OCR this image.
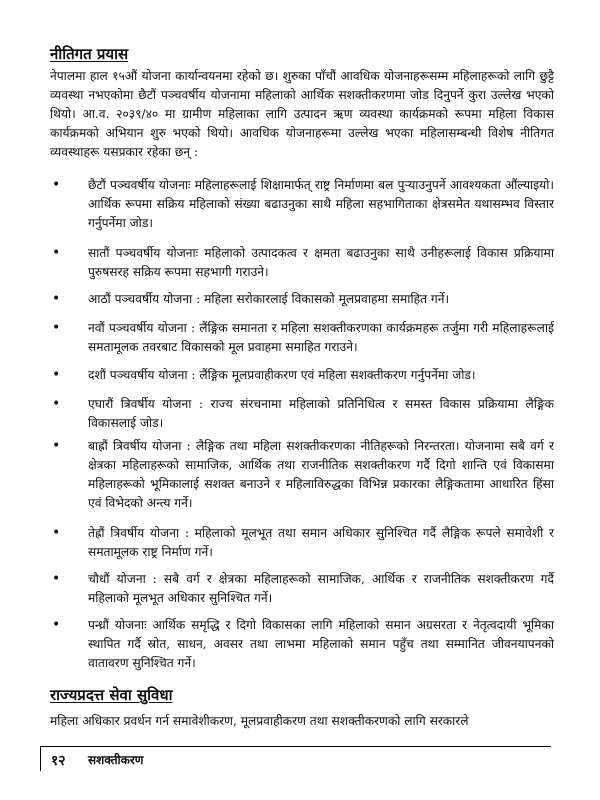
नीतिगत प्रयास

नेपालमा हाल १५औं योजना कार्यान्वयनमा रहेको छ। शुरुका पाँचौं आवधिक योजनाहरूसम्म महिलाहरूको लागि छुट्टै व्यवस्था नभएकोमा छैटौं पञ्चवर्षीय योजनामा महिलाको आर्थिक सशक्तीकरणमा जोड दिनुपर्ने कुरा उल्लेख भएको थियो। आ.व. २०३९/४० मा ग्रामीण महिलाका लागि उत्पादन ऋण व्यवस्था कार्यक्रमको रूपमा महिला विकास कार्यक्रमको अभियान शुरु भएको थियो। आवधिक योजनाहरूमा उल्लेख भएका महिलासम्बन्धी विशेष नीतिगत व्यवस्थाहरू यसप्रकार रहेका छन् :

•	छैटौं पञ्चवर्षीय योजनाः महिलाहरूलाई शिक्षामार्फत् राष्ट्र निर्माणमा बल पुर्‍याउनुपर्ने आवश्यकता औंल्याइयो। आर्थिक रूपमा सक्रिय महिलाको संख्या बढाउनुका साथै महिला सहभागिताका क्षेत्रसमेत यथासम्भव विस्तार गर्नुपर्नेमा जोड।

•	सातौं पञ्चवर्षीय योजनाः महिलाको उत्पादकत्व र क्षमता बढाउनुका साथै उनीहरूलाई विकास प्रक्रियामा पुरुषसरह सक्रिय रूपमा सहभागी गराउने।

•	आठौं पञ्चवर्षीय योजना : महिला सरोकारलाई विकासको मूलप्रवाहमा समाहित गर्ने।

•	नवौं पञ्चवर्षीय योजना : लैंङ्गिक समानता र महिला सशक्तीकरणका कार्यक्रमहरू तर्जुमा गरी महिलाहरूलाई समतामूलक तवरबाट विकासको मूल प्रवाहमा समाहित गराउने।

•	दशौं पञ्चवर्षीय योजना : लैंङ्गिक मूलप्रवाहीकरण एवं महिला सशक्तीकरण गर्नुपर्नेमा जोड।

•	एघारौं त्रिवर्षीय योजना : राज्य संरचनामा महिलाको प्रतिनिधित्व र समस्त विकास प्रक्रियामा लैङ्गिक विकासलाई जोड।

•	बाह्रौं त्रिवर्षीय योजना : लैङ्गिक तथा महिला सशक्तीकरणका नीतिहरूको निरन्तरता। योजनामा सबै वर्ग र क्षेत्रका महिलाहरूको सामाजिक, आर्थिक तथा राजनीतिक सशक्तीकरण गर्दै दिगो शान्ति एवं विकासमा महिलाहरूको भूमिकालाई सशक्त बनाउने र महिलाविरुद्धका विभिन्न प्रकारका लैङ्गिकतामा आधारित हिंसा एवं विभेदको अन्त्य गर्ने।

•	तेह्रौं त्रिवर्षीय योजना : महिलाको मूलभूत तथा समान अधिकार सुनिश्चित गर्दै लैङ्गिक रूपले समावेशी र समतामूलक राष्ट्र निर्माण गर्ने।

•	चौधौं योजना : सबै वर्ग र क्षेत्रका महिलाहरूको सामाजिक, आर्थिक र राजनीतिक सशक्तीकरण गर्दै महिलाको मूलभूत अधिकार सुनिश्चित गर्ने।

•	पन्ध्रौं योजनाः आर्थिक समृद्धि र दिगो विकासका लागि महिलाको समान अग्रसरता र नेतृत्वदायी भूमिका स्थापित गर्दै स्रोत, साधन, अवसर तथा लाभमा महिलाको समान पहुँच तथा सम्मानित जीवनयापनको वातावरण सुनिश्चित गर्ने।

राज्यप्रदत्त सेवा सुविधा

महिला अधिकार प्रवर्धन गर्न समावेशीकरण, मूलप्रवाहीकरण तथा सशक्तीकरणको लागि सरकारले

१२ सशक्तीकरण
